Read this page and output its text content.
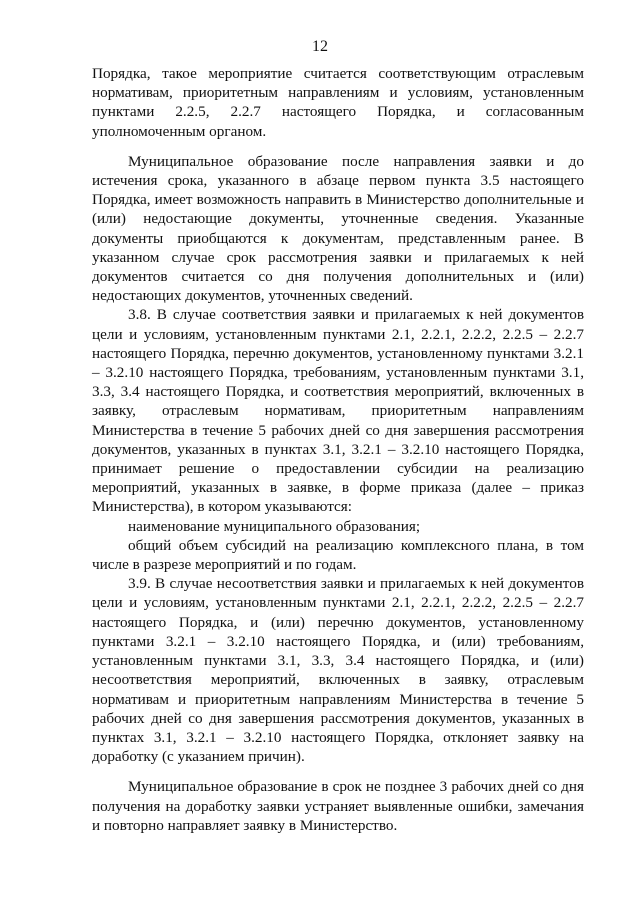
12

Порядка, такое мероприятие считается соответствующим отраслевым нормативам, приоритетным направлениям и условиям, установленным пунктами 2.2.5, 2.2.7 настоящего Порядка, и согласованным уполномоченным органом.

Муниципальное образование после направления заявки и до истечения срока, указанного в абзаце первом пункта 3.5 настоящего Порядка, имеет возможность направить в Министерство дополнительные и (или) недостающие документы, уточненные сведения. Указанные документы приобщаются к документам, представленным ранее. В указанном случае срок рассмотрения заявки и прилагаемых к ней документов считается со дня получения дополнительных и (или) недостающих документов, уточненных сведений.

3.8. В случае соответствия заявки и прилагаемых к ней документов цели и условиям, установленным пунктами 2.1, 2.2.1, 2.2.2, 2.2.5 – 2.2.7 настоящего Порядка, перечню документов, установленному пунктами 3.2.1 – 3.2.10 настоящего Порядка, требованиям, установленным пунктами 3.1, 3.3, 3.4 настоящего Порядка, и соответствия мероприятий, включенных в заявку, отраслевым нормативам, приоритетным направлениям Министерства в течение 5 рабочих дней со дня завершения рассмотрения документов, указанных в пунктах 3.1, 3.2.1 – 3.2.10 настоящего Порядка, принимает решение о предоставлении субсидии на реализацию мероприятий, указанных в заявке, в форме приказа (далее – приказ Министерства), в котором указываются:

наименование муниципального образования;

общий объем субсидий на реализацию комплексного плана, в том числе в разрезе мероприятий и по годам.

3.9. В случае несоответствия заявки и прилагаемых к ней документов цели и условиям, установленным пунктами 2.1, 2.2.1, 2.2.2, 2.2.5 – 2.2.7 настоящего Порядка, и (или) перечню документов, установленному пунктами 3.2.1 – 3.2.10 настоящего Порядка, и (или) требованиям, установленным пунктами 3.1, 3.3, 3.4 настоящего Порядка, и (или) несоответствия мероприятий, включенных в заявку, отраслевым нормативам и приоритетным направлениям Министерства в течение 5 рабочих дней со дня завершения рассмотрения документов, указанных в пунктах 3.1, 3.2.1 – 3.2.10 настоящего Порядка, отклоняет заявку на доработку (с указанием причин).

Муниципальное образование в срок не позднее 3 рабочих дней со дня получения на доработку заявки устраняет выявленные ошибки, замечания и повторно направляет заявку в Министерство.
